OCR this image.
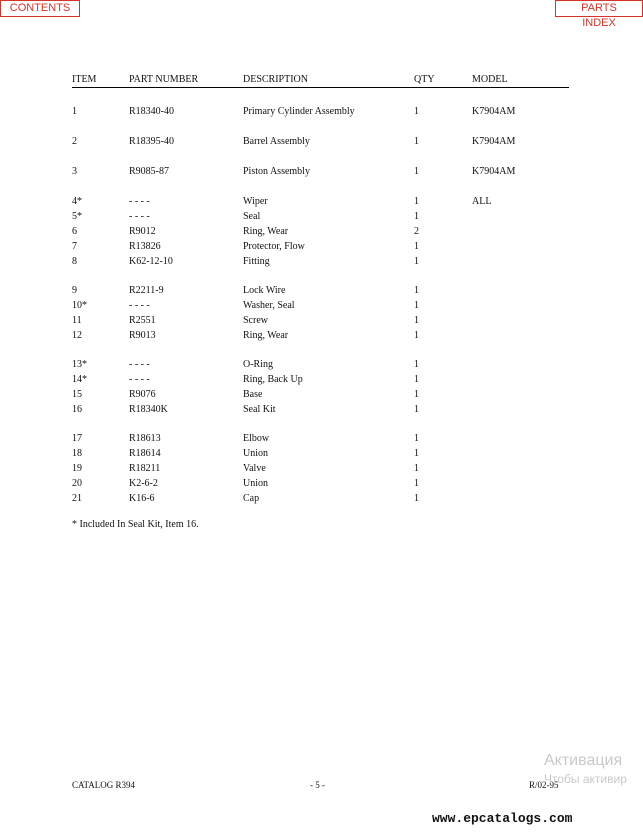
CONTENTS	PARTS INDEX
ITEM	PART NUMBER	DESCRIPTION	QTY	MODEL
1	R18340-40	Primary Cylinder Assembly	1	K7904AM
2	R18395-40	Barrel Assembly	1	K7904AM
3	R9085-87	Piston Assembly	1	K7904AM
4*	- - - -	Wiper	1	ALL
5*	- - - -	Seal	1
6	R9012	Ring, Wear	2
7	R13826	Protector, Flow	1
8	K62-12-10	Fitting	1
9	R2211-9	Lock Wire	1
10*	- - - -	Washer, Seal	1
11	R2551	Screw	1
12	R9013	Ring, Wear	1
13*	- - - -	O-Ring	1
14*	- - - -	Ring, Back Up	1
15	R9076	Base	1
16	R18340K	Seal Kit	1
17	R18613	Elbow	1
18	R18614	Union	1
19	R18211	Valve	1
20	K2-6-2	Union	1
21	K16-6	Cap	1
* Included In Seal Kit, Item 16.
CATALOG R394	- 5 -	R/02-95
Активация
Чтобы активир
www.epcatalogs.com
